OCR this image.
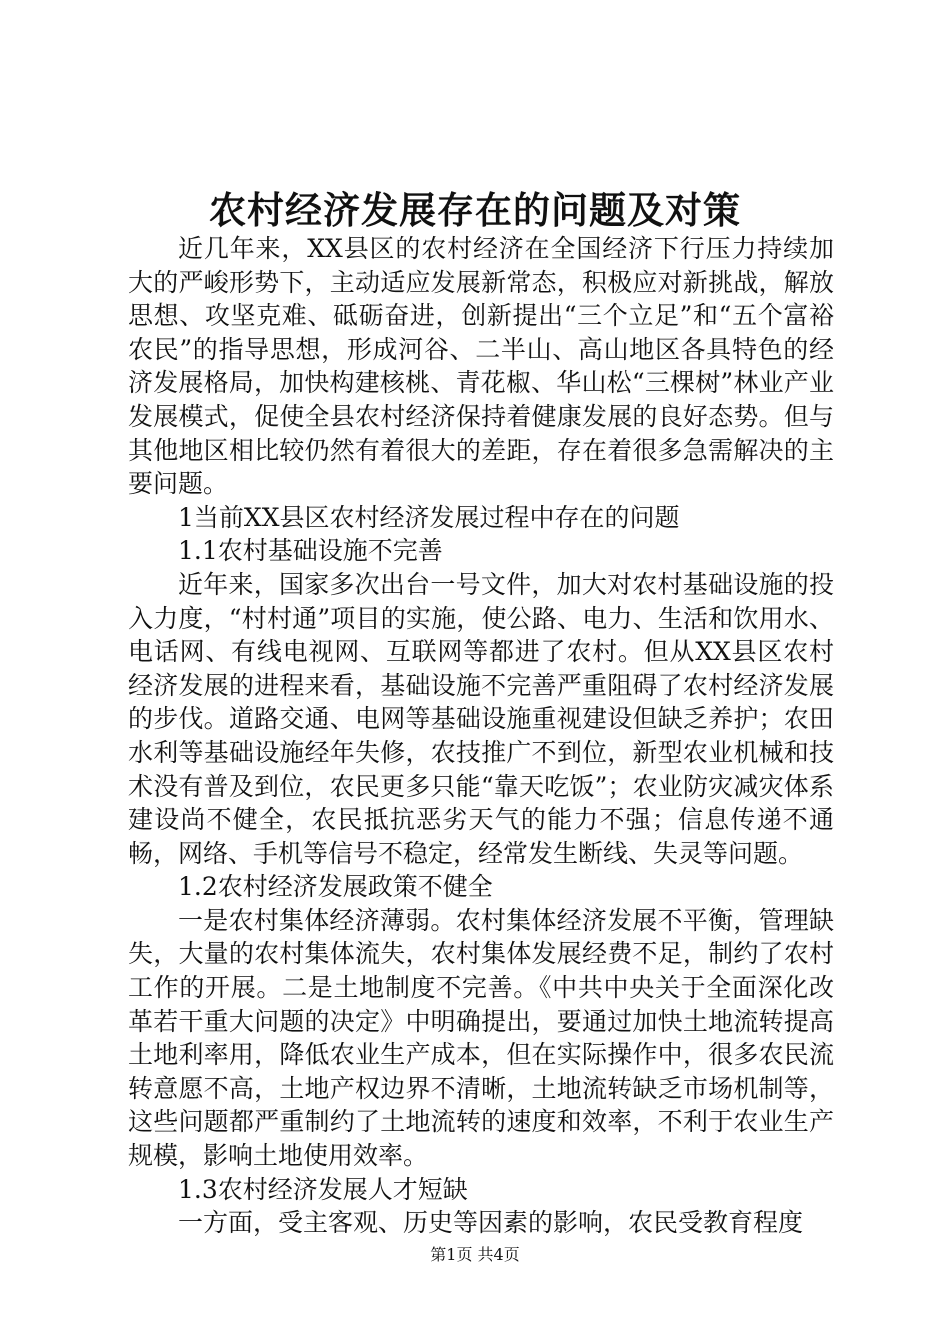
农村经济发展存在的问题及对策

近几年来，XX县区的农村经济在全国经济下行压力持续加大的严峻形势下，主动适应发展新常态，积极应对新挑战，解放思想、攻坚克难、砥砺奋进，创新提出“三个立足”和“五个富裕农民”的指导思想，形成河谷、二半山、高山地区各具特色的经济发展格局，加快构建核桃、青花椒、华山松“三棵树”林业产业发展模式，促使全县农村经济保持着健康发展的良好态势。但与其他地区相比较仍然有着很大的差距，存在着很多急需解决的主要问题。

1当前XX县区农村经济发展过程中存在的问题

1.1农村基础设施不完善

近年来，国家多次出台一号文件，加大对农村基础设施的投入力度，“村村通”项目的实施，使公路、电力、生活和饮用水、电话网、有线电视网、互联网等都进了农村。但从XX县区农村经济发展的进程来看，基础设施不完善严重阻碍了农村经济发展的步伐。道路交通、电网等基础设施重视建设但缺乏养护；农田水利等基础设施经年失修，农技推广不到位，新型农业机械和技术没有普及到位，农民更多只能“靠天吃饭”；农业防灾减灾体系建设尚不健全，农民抵抗恶劣天气的能力不强；信息传递不通畅，网络、手机等信号不稳定，经常发生断线、失灵等问题。

1.2农村经济发展政策不健全

一是农村集体经济薄弱。农村集体经济发展不平衡，管理缺失，大量的农村集体流失，农村集体发展经费不足，制约了农村工作的开展。二是土地制度不完善。《中共中央关于全面深化改革若干重大问题的决定》中明确提出，要通过加快土地流转提高土地利率用，降低农业生产成本，但在实际操作中，很多农民流转意愿不高，土地产权边界不清晰，土地流转缺乏市场机制等，这些问题都严重制约了土地流转的速度和效率，不利于农业生产规模，影响土地使用效率。

1.3农村经济发展人才短缺

一方面，受主客观、历史等因素的影响，农民受教育程度

第1页 共4页
